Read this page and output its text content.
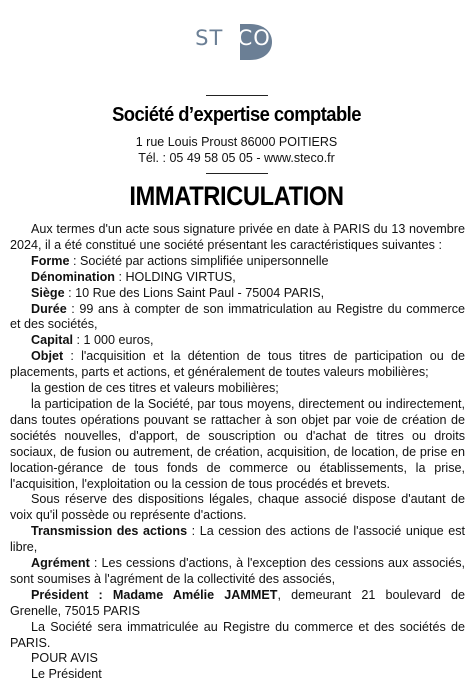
STECO
Société d’expertise comptable
1 rue Louis Proust 86000 POITIERS
Tél. : 05 49 58 05 05 - www.steco.fr
IMMATRICULATION

Aux termes d'un acte sous signature privée en date à PARIS du 13 novembre 2024, il a été constitué une société présentant les caractéristiques suivantes :

Forme : Société par actions simplifiée unipersonnelle

Dénomination : HOLDING VIRTUS,

Siège : 10 Rue des Lions Saint Paul - 75004 PARIS,

Durée : 99 ans à compter de son immatriculation au Registre du commerce et des sociétés,

Capital : 1 000 euros,

Objet : l'acquisition et la détention de tous titres de participation ou de placements, parts et actions, et généralement de toutes valeurs mobilières;

la gestion de ces titres et valeurs mobilières;

la participation de la Société, par tous moyens, directement ou indirectement, dans toutes opérations pouvant se rattacher à son objet par voie de création de sociétés nouvelles, d'apport, de souscription ou d'achat de titres ou droits sociaux, de fusion ou autrement, de création, acquisition, de location, de prise en location-gérance de tous fonds de commerce ou établissements, la prise, l'acquisition, l'exploitation ou la cession de tous procédés et brevets.

Sous réserve des dispositions légales, chaque associé dispose d'autant de voix qu'il possède ou représente d'actions.

Transmission des actions : La cession des actions de l'associé unique est libre,

Agrément : Les cessions d'actions, à l'exception des cessions aux associés, sont soumises à l'agrément de la collectivité des associés,

Président : Madame Amélie JAMMET, demeurant 21 boulevard de Grenelle, 75015 PARIS

La Société sera immatriculée au Registre du commerce et des sociétés de PARIS.

POUR AVIS

Le Président
